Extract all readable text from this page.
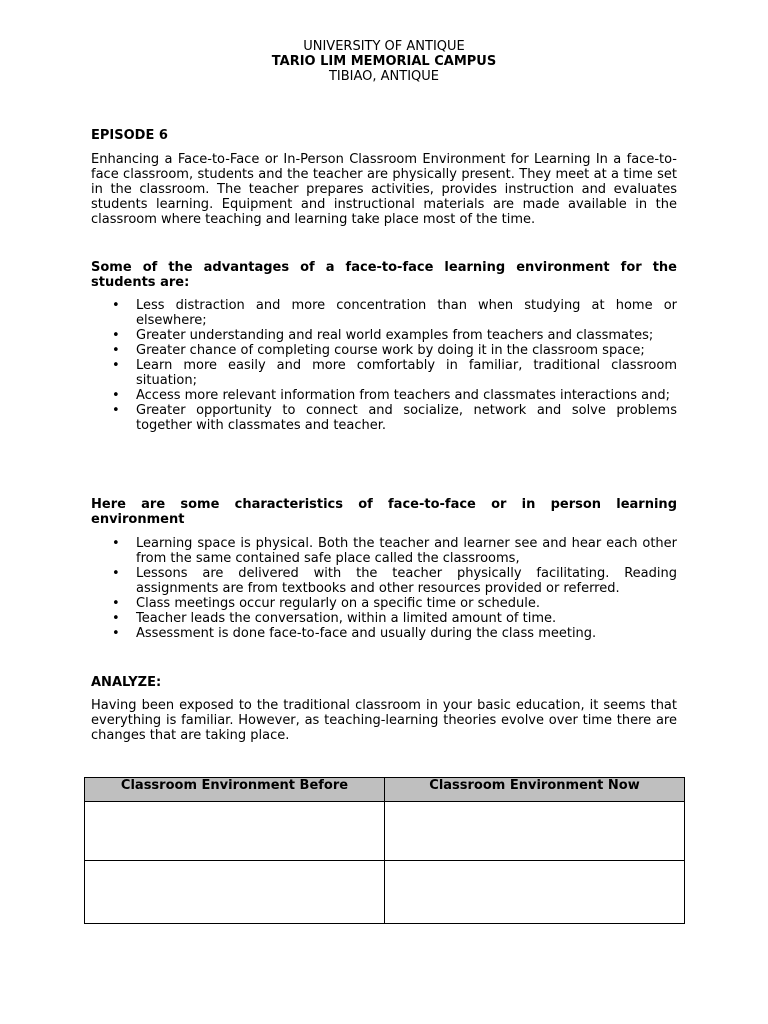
UNIVERSITY OF ANTIQUE
TARIO LIM MEMORIAL CAMPUS
TIBIAO, ANTIQUE
EPISODE 6
Enhancing a Face-to-Face or In-Person Classroom Environment for Learning In a face-to-face classroom, students and the teacher are physically present. They meet at a time set in the classroom. The teacher prepares activities, provides instruction and evaluates students learning. Equipment and instructional materials are made available in the classroom where teaching and learning take place most of the time.
Some of the advantages of a face-to-face learning environment for the students are:
• Less distraction and more concentration than when studying at home or elsewhere;
• Greater understanding and real world examples from teachers and classmates;
• Greater chance of completing course work by doing it in the classroom space;
• Learn more easily and more comfortably in familiar, traditional classroom situation;
• Access more relevant information from teachers and classmates interactions and;
• Greater opportunity to connect and socialize, network and solve problems together with classmates and teacher.
Here are some characteristics of face-to-face or in person learning environment
• Learning space is physical. Both the teacher and learner see and hear each other from the same contained safe place called the classrooms,
• Lessons are delivered with the teacher physically facilitating. Reading assignments are from textbooks and other resources provided or referred.
• Class meetings occur regularly on a specific time or schedule.
• Teacher leads the conversation, within a limited amount of time.
• Assessment is done face-to-face and usually during the class meeting.
ANALYZE:
Having been exposed to the traditional classroom in your basic education, it seems that everything is familiar. However, as teaching-learning theories evolve over time there are changes that are taking place.
Classroom Environment Before	Classroom Environment Now
